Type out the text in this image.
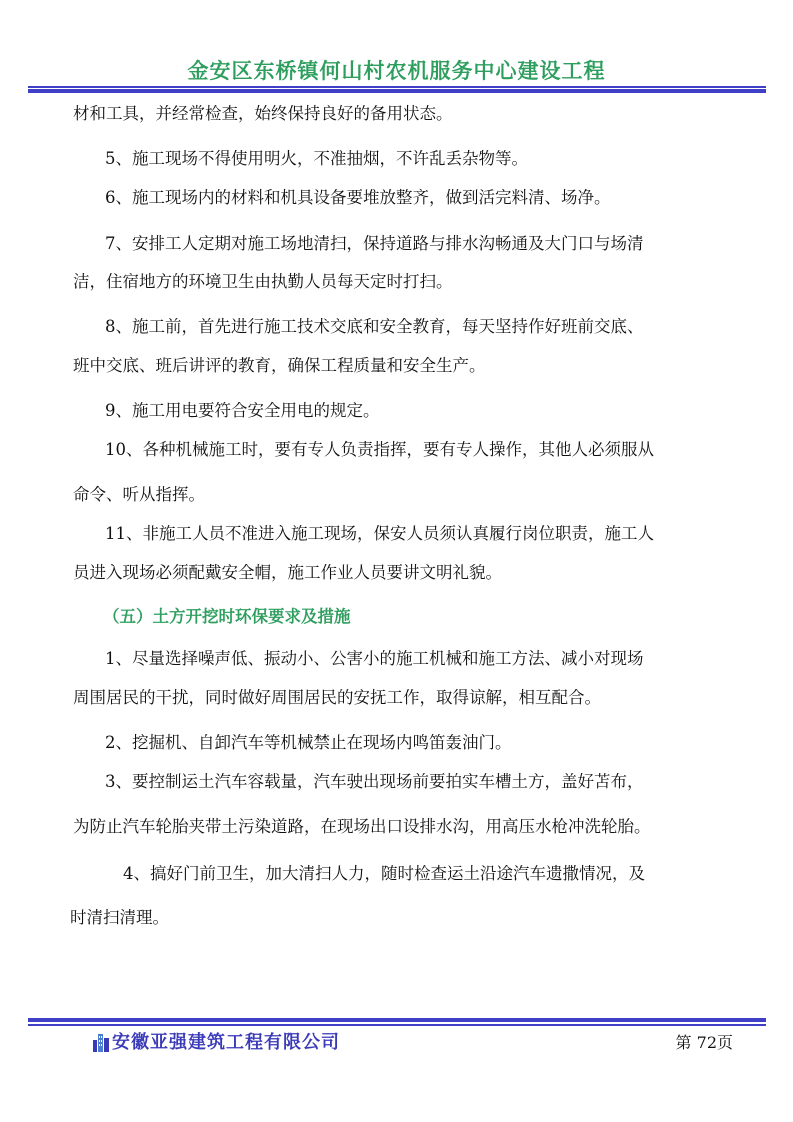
金安区东桥镇何山村农机服务中心建设工程
材和工具，并经常检查，始终保持良好的备用状态。
5、施工现场不得使用明火，不准抽烟，不许乱丢杂物等。
6、施工现场内的材料和机具设备要堆放整齐，做到活完料清、场净。
7、安排工人定期对施工场地清扫，保持道路与排水沟畅通及大门口与场清
洁，住宿地方的环境卫生由执勤人员每天定时打扫。
8、施工前，首先进行施工技术交底和安全教育，每天坚持作好班前交底、
班中交底、班后讲评的教育，确保工程质量和安全生产。
9、施工用电要符合安全用电的规定。
10、各种机械施工时，要有专人负责指挥，要有专人操作，其他人必须服从
命令、听从指挥。
11、非施工人员不准进入施工现场，保安人员须认真履行岗位职责，施工人
员进入现场必须配戴安全帽，施工作业人员要讲文明礼貌。
（五）土方开挖时环保要求及措施
1、尽量选择噪声低、振动小、公害小的施工机械和施工方法、减小对现场
周围居民的干扰，同时做好周围居民的安抚工作，取得谅解，相互配合。
2、挖掘机、自卸汽车等机械禁止在现场内鸣笛轰油门。
3、要控制运土汽车容载量，汽车驶出现场前要拍实车槽土方，盖好苫布，
为防止汽车轮胎夹带土污染道路，在现场出口设排水沟，用高压水枪冲洗轮胎。
4、搞好门前卫生，加大清扫人力，随时检查运土沿途汽车遗撒情况，及
时清扫清理。
安徽亚强建筑工程有限公司	第 72页
